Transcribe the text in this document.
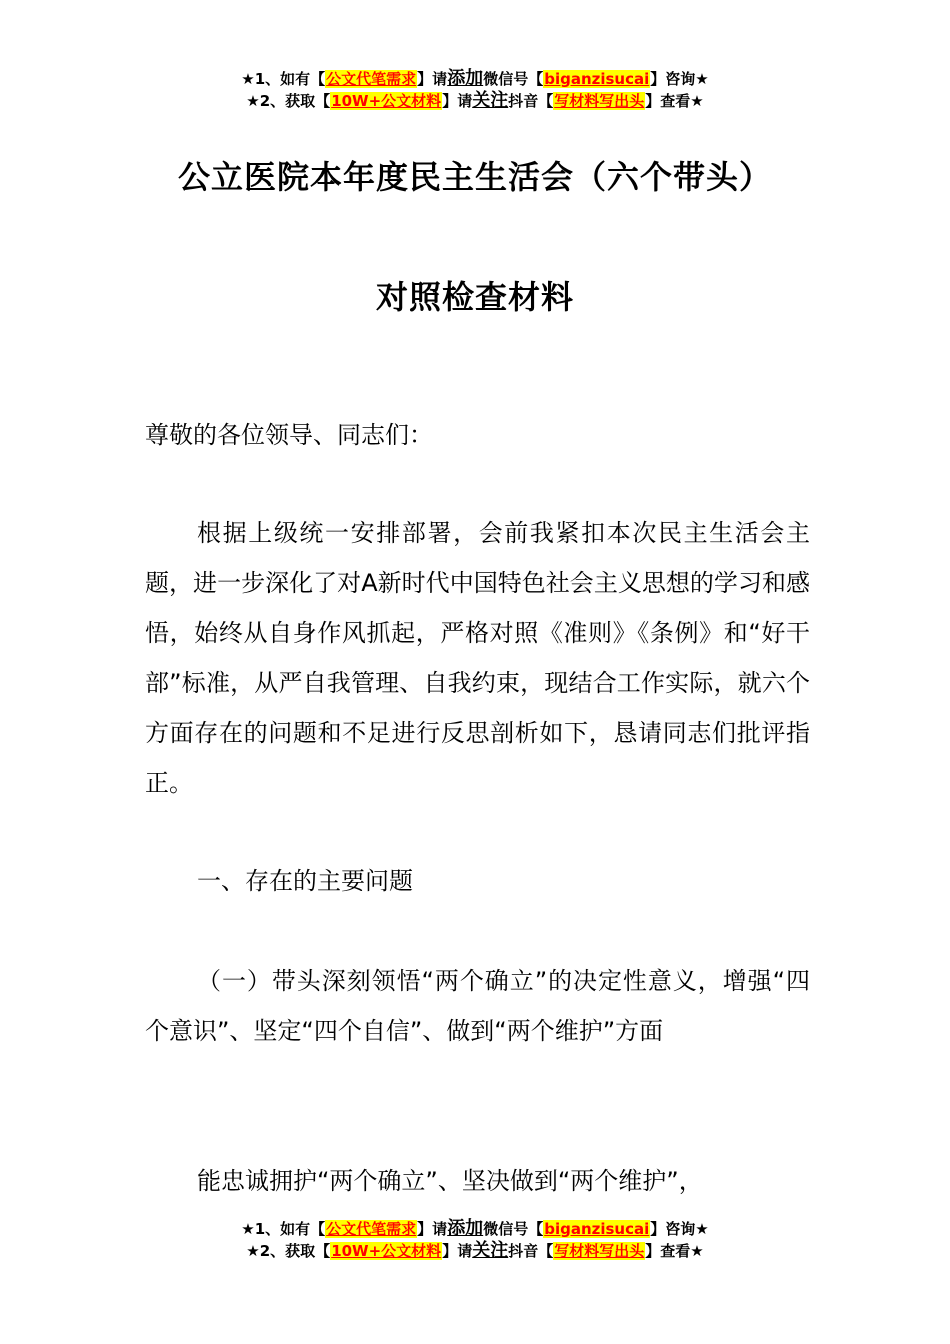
★1、如有【公文代笔需求】请添加微信号【biganzisucai】咨询★
★2、获取【10W+公文材料】请关注抖音【写材料写出头】查看★
公立医院本年度民主生活会（六个带头）
对照检查材料
尊敬的各位领导、同志们：
根据上级统一安排部署，会前我紧扣本次民主生活会主题，进一步深化了对A新时代中国特色社会主义思想的学习和感悟，始终从自身作风抓起，严格对照《准则》《条例》和“好干部”标准，从严自我管理、自我约束，现结合工作实际，就六个方面存在的问题和不足进行反思剖析如下，恳请同志们批评指正。
一、存在的主要问题
（一）带头深刻领悟“两个确立”的决定性意义，增强“四个意识”、坚定“四个自信”、做到“两个维护”方面
能忠诚拥护“两个确立”、坚决做到“两个维护”，
★1、如有【公文代笔需求】请添加微信号【biganzisucai】咨询★
★2、获取【10W+公文材料】请关注抖音【写材料写出头】查看★
